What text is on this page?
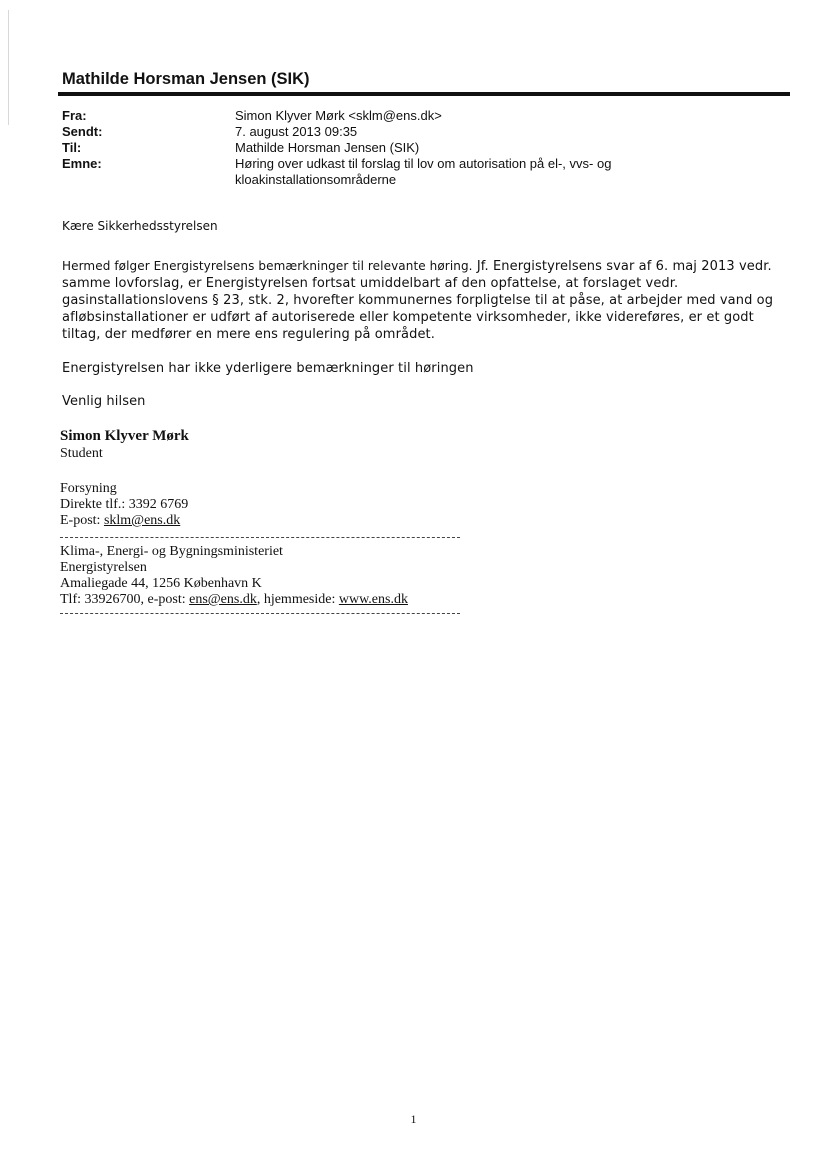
Mathilde Horsman Jensen (SIK)
Fra:	Simon Klyver Mørk <sklm@ens.dk>
Sendt:	7. august 2013 09:35
Til:	Mathilde Horsman Jensen (SIK)
Emne:	Høring over udkast til forslag til lov om autorisation på el-, vvs- og kloakinstallationsområderne
Kære Sikkerhedsstyrelsen
Hermed følger Energistyrelsens bemærkninger til relevante høring. Jf. Energistyrelsens svar af 6. maj 2013 vedr. samme lovforslag, er Energistyrelsen fortsat umiddelbart af den opfattelse, at forslaget vedr. gasinstallationslovens § 23, stk. 2, hvorefter kommunernes forpligtelse til at påse, at arbejder med vand og afløbsinstallationer er udført af autoriserede eller kompetente virksomheder, ikke videreføres, er et godt tiltag, der medfører en mere ens regulering på området.
Energistyrelsen har ikke yderligere bemærkninger til høringen
Venlig hilsen
Simon Klyver Mørk
Student
Forsyning
Direkte tlf.: 3392 6769
E-post: sklm@ens.dk
Klima-, Energi- og Bygningsministeriet
Energistyrelsen
Amaliegade 44, 1256 København K
Tlf: 33926700, e-post: ens@ens.dk, hjemmeside: www.ens.dk
1
